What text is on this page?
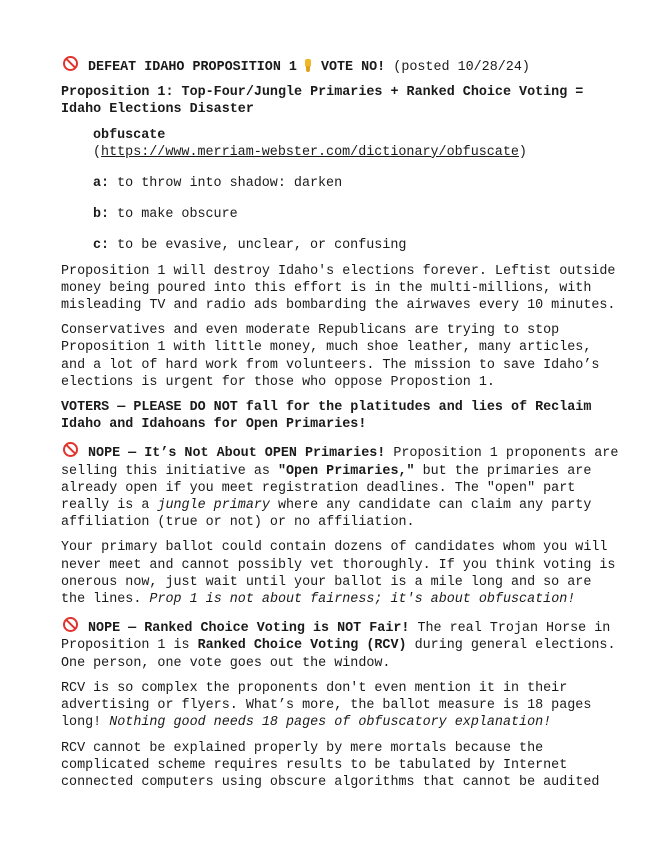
DEFEAT IDAHO PROPOSITION 1 VOTE NO! (posted 10/28/24)

Proposition 1: Top-Four/Jungle Primaries + Ranked Choice Voting = Idaho Elections Disaster

obfuscate

(https://www.merriam-webster.com/dictionary/obfuscate)

a: to throw into shadow: darken

b: to make obscure

c: to be evasive, unclear, or confusing

Proposition 1 will destroy Idaho's elections forever. Leftist outside money being poured into this effort is in the multi-millions, with misleading TV and radio ads bombarding the airwaves every 10 minutes.

Conservatives and even moderate Republicans are trying to stop Proposition 1 with little money, much shoe leather, many articles, and a lot of hard work from volunteers. The mission to save Idaho’s elections is urgent for those who oppose Propostion 1.

VOTERS — PLEASE DO NOT fall for the platitudes and lies of Reclaim Idaho and Idahoans for Open Primaries!

NOPE — It’s Not About OPEN Primaries! Proposition 1 proponents are selling this initiative as "Open Primaries," but the primaries are already open if you meet registration deadlines. The "open" part really is a jungle primary where any candidate can claim any party affiliation (true or not) or no affiliation.

Your primary ballot could contain dozens of candidates whom you will never meet and cannot possibly vet thoroughly. If you think voting is onerous now, just wait until your ballot is a mile long and so are the lines. Prop 1 is not about fairness; it's about obfuscation!

NOPE — Ranked Choice Voting is NOT Fair! The real Trojan Horse in Proposition 1 is Ranked Choice Voting (RCV) during general elections. One person, one vote goes out the window.

RCV is so complex the proponents don't even mention it in their advertising or flyers. What’s more, the ballot measure is 18 pages long! Nothing good needs 18 pages of obfuscatory explanation!

RCV cannot be explained properly by mere mortals because the complicated scheme requires results to be tabulated by Internet connected computers using obscure algorithms that cannot be audited
